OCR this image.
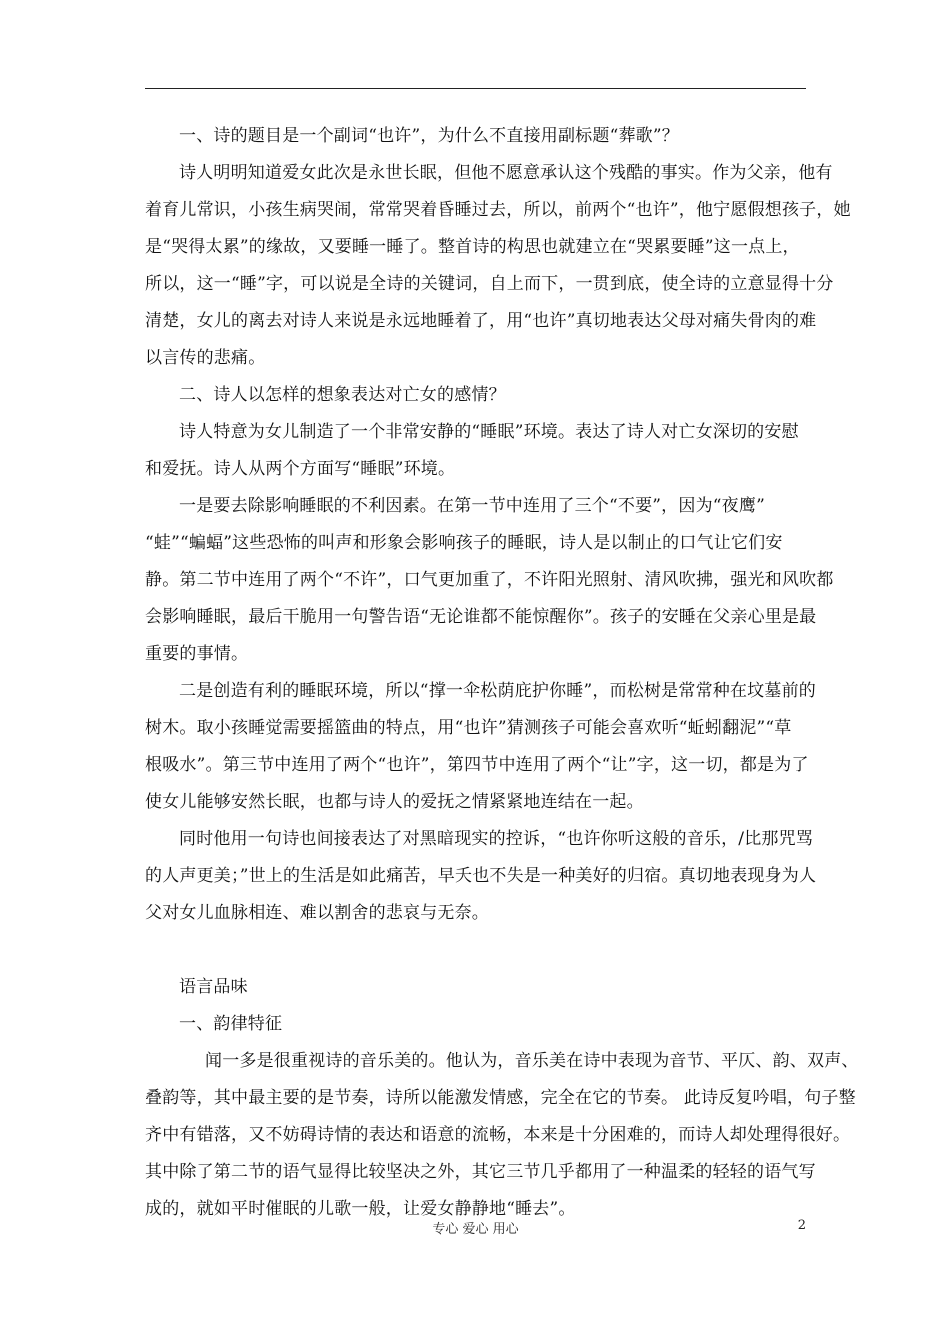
一、诗的题目是一个副词“也许”，为什么不直接用副标题“葬歌”？
诗人明明知道爱女此次是永世长眠，但他不愿意承认这个残酷的事实。作为父亲，他有
着育儿常识，小孩生病哭闹，常常哭着昏睡过去，所以，前两个“也许”，他宁愿假想孩子，她
是“哭得太累”的缘故，又要睡一睡了。整首诗的构思也就建立在“哭累要睡”这一点上，
所以，这一“睡”字，可以说是全诗的关键词，自上而下，一贯到底，使全诗的立意显得十分
清楚，女儿的离去对诗人来说是永远地睡着了，用“也许”真切地表达父母对痛失骨肉的难
以言传的悲痛。
二、诗人以怎样的想象表达对亡女的感情？
诗人特意为女儿制造了一个非常安静的“睡眠”环境。表达了诗人对亡女深切的安慰
和爱抚。诗人从两个方面写“睡眠”环境。
一是要去除影响睡眠的不利因素。在第一节中连用了三个“不要”，因为“夜鹰”
“蛙”“蝙蝠”这些恐怖的叫声和形象会影响孩子的睡眠，诗人是以制止的口气让它们安
静。第二节中连用了两个“不许”，口气更加重了，不许阳光照射、清风吹拂，强光和风吹都
会影响睡眠，最后干脆用一句警告语“无论谁都不能惊醒你”。孩子的安睡在父亲心里是最
重要的事情。
二是创造有利的睡眠环境，所以“撑一伞松荫庇护你睡”，而松树是常常种在坟墓前的
树木。取小孩睡觉需要摇篮曲的特点，用“也许”猜测孩子可能会喜欢听“蚯蚓翻泥”“草
根吸水”。第三节中连用了两个“也许”，第四节中连用了两个“让”字，这一切，都是为了
使女儿能够安然长眠，也都与诗人的爱抚之情紧紧地连结在一起。
同时他用一句诗也间接表达了对黑暗现实的控诉，“也许你听这般的音乐，/比那咒骂
的人声更美；”世上的生活是如此痛苦，早夭也不失是一种美好的归宿。真切地表现身为人
父对女儿血脉相连、难以割舍的悲哀与无奈。
语言品味
一、韵律特征
闻一多是很重视诗的音乐美的。他认为，音乐美在诗中表现为音节、平仄、韵、双声、
叠韵等，其中最主要的是节奏，诗所以能激发情感，完全在它的节奏。 此诗反复吟唱，句子整
齐中有错落，又不妨碍诗情的表达和语意的流畅，本来是十分困难的，而诗人却处理得很好。
其中除了第二节的语气显得比较坚决之外，其它三节几乎都用了一种温柔的轻轻的语气写
成的，就如平时催眠的儿歌一般，让爱女静静地“睡去”。
专心 爱心 用心	2
